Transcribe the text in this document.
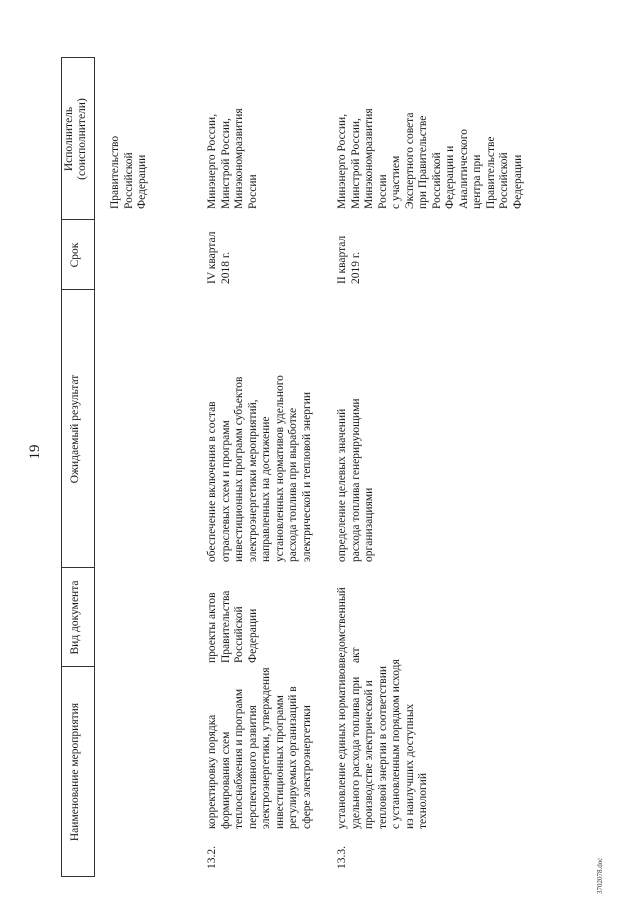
19
Наименование мероприятия
Вид документа
Ожидаемый результат
Срок
Исполнитель (соисполнители) Правительство Российской Федерации
13.2.
корректировку порядка формирования схем теплоснабжения и программ перспективного развития электроэнергетики, утверждения инвестиционных программ регулируемых организаций в сфере электроэнергетики
проекты актов Правительства Российской Федерации
обеспечение включения в состав отраслевых схем и программ инвестиционных программ субъектов электроэнергетики мероприятий, направленных на достижение установленных нормативов удельного расхода топлива при выработке электрической и тепловой энергии
IV квартал 2018 г.
Минэнерго России, Минстрой России, Минэкономразвития России
13.3.
установление единых нормативов удельного расхода топлива при производстве электрической и тепловой энергии в соответствии с установленным порядком исходя из наилучших доступных технологий
ведомственный акт
определение целевых значений расхода топлива генерирующими организациями
II квартал 2019 г.
Минэнерго России, Минстрой России, Минэкономразвития России с участием Экспертного совета при Правительстве Российской Федерации и Аналитического центра при Правительстве Российской Федерации
3702078.doc
